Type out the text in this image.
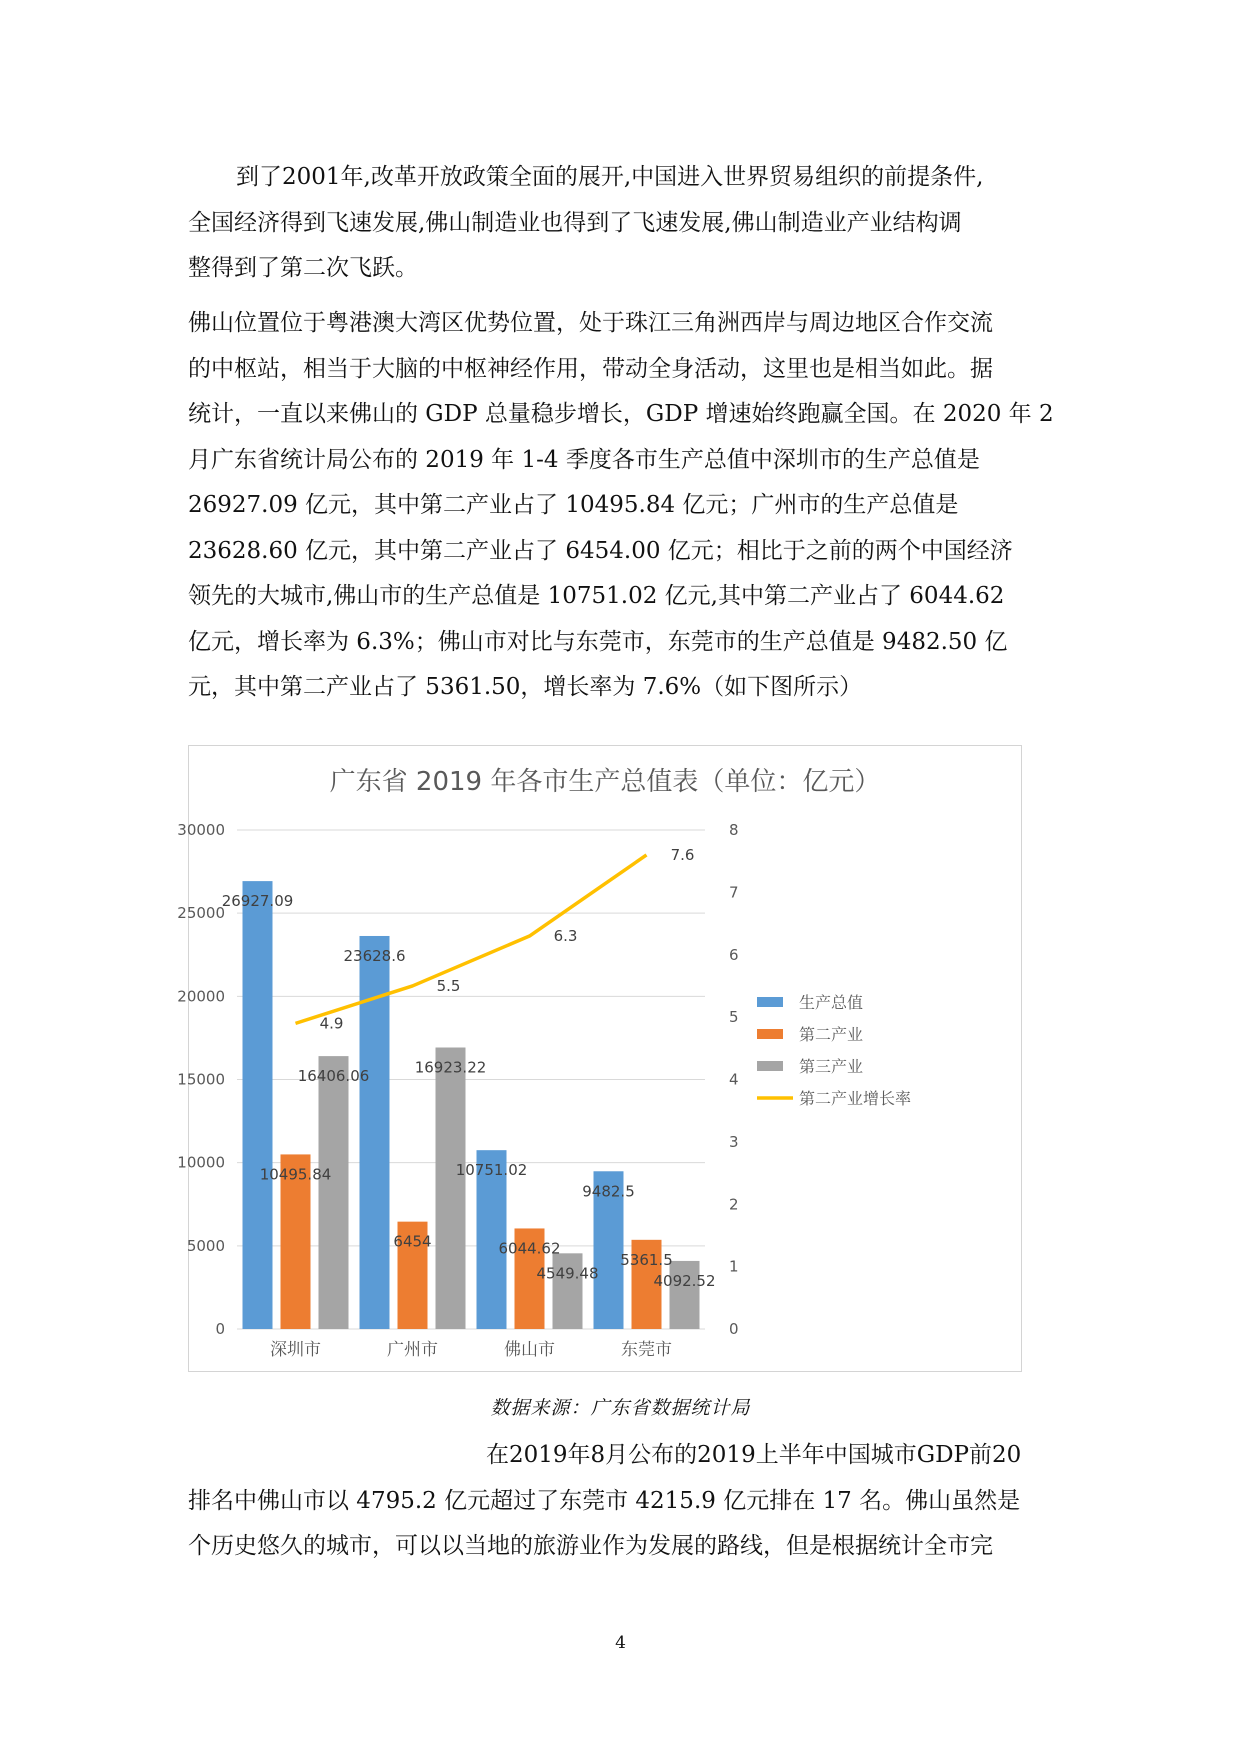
到了2001年,改革开放政策全面的展开,中国进入世界贸易组织的前提条件,
全国经济得到飞速发展,佛山制造业也得到了飞速发展,佛山制造业产业结构调
整得到了第二次飞跃。
佛山位置位于粤港澳大湾区优势位置，处于珠江三角洲西岸与周边地区合作交流
的中枢站，相当于大脑的中枢神经作用，带动全身活动，这里也是相当如此。据
统计，一直以来佛山的 GDP 总量稳步增长，GDP 增速始终跑赢全国。在 2020 年 2
月广东省统计局公布的 2019 年 1-4 季度各市生产总值中深圳市的生产总值是
26927.09 亿元，其中第二产业占了 10495.84 亿元；广州市的生产总值是
23628.60 亿元，其中第二产业占了 6454.00 亿元；相比于之前的两个中国经济
领先的大城市,佛山市的生产总值是 10751.02 亿元,其中第二产业占了 6044.62
亿元，增长率为 6.3%；佛山市对比与东莞市，东莞市的生产总值是 9482.50 亿
元，其中第二产业占了 5361.50，增长率为 7.6%（如下图所示）
广东省 2019 年各市生产总值表（单位：亿元）
0
5000
10000
15000
20000
25000
30000
0
1
2
3
4
5
6
7
8
深圳市	广州市	佛山市	东莞市
26927.09
10495.84
16406.06
23628.6
6454
16923.22
10751.02
6044.62
4549.48
9482.5
5361.5
4092.52
4.9
5.5
6.3
7.6
生产总值
第二产业
第三产业
第二产业增长率
数据来源：广东省数据统计局
在2019年8月公布的2019上半年中国城市GDP前20
排名中佛山市以 4795.2 亿元超过了东莞市 4215.9 亿元排在 17 名。佛山虽然是
个历史悠久的城市，可以以当地的旅游业作为发展的路线，但是根据统计全市完
4
